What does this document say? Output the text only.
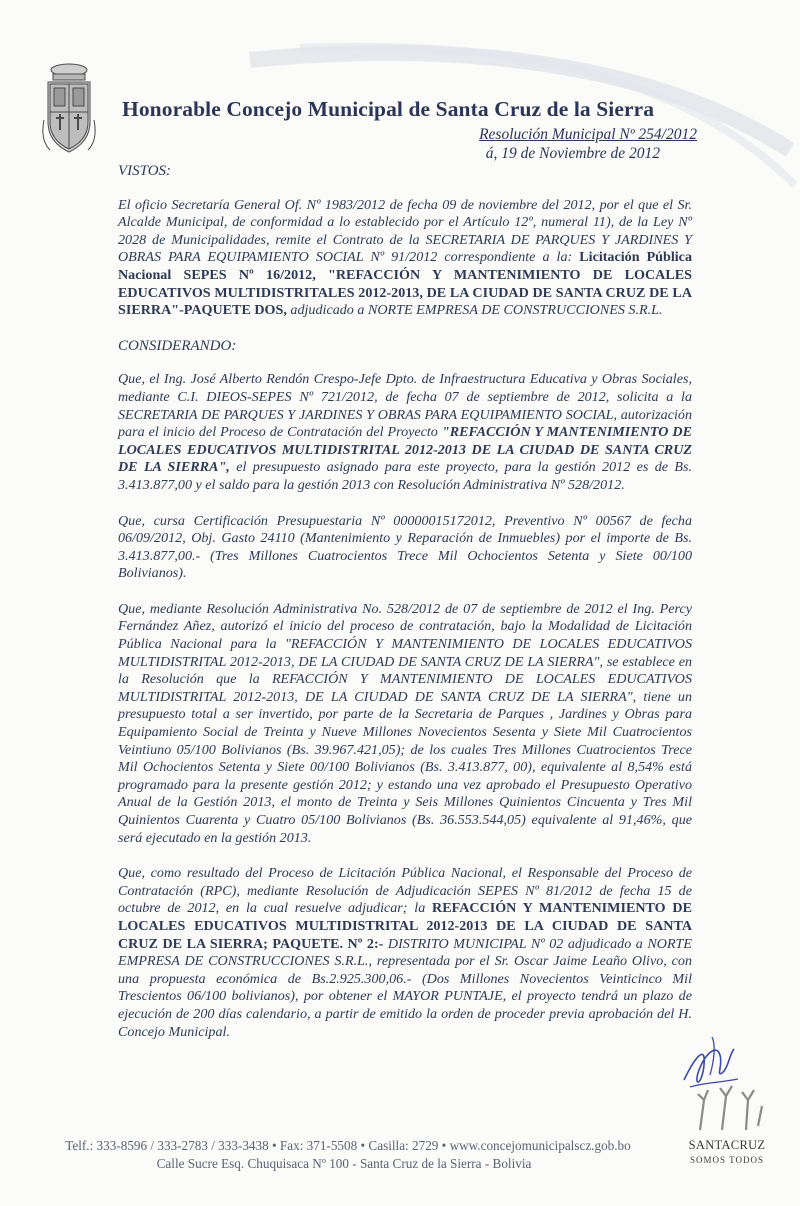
Honorable Concejo Municipal de Santa Cruz de la Sierra
Resolución Municipal Nº 254/2012
á, 19 de Noviembre de 2012
VISTOS:

El oficio Secretaría General Of. Nº 1983/2012 de fecha 09 de noviembre del 2012, por el que el Sr. Alcalde Municipal, de conformidad a lo establecido por el Artículo 12º, numeral 11), de la Ley Nº 2028 de Municipalidades, remite el Contrato de la SECRETARIA DE PARQUES Y JARDINES Y OBRAS PARA EQUIPAMIENTO SOCIAL Nº 91/2012 correspondiente a la: Licitación Pública Nacional SEPES Nº 16/2012, "REFACCIÓN Y MANTENIMIENTO DE LOCALES EDUCATIVOS MULTIDISTRITALES 2012-2013, DE LA CIUDAD DE SANTA CRUZ DE LA SIERRA"-PAQUETE DOS, adjudicado a NORTE EMPRESA DE CONSTRUCCIONES S.R.L.

CONSIDERANDO:

Que, el Ing. José Alberto Rendón Crespo-Jefe Dpto. de Infraestructura Educativa y Obras Sociales, mediante C.I. DIEOS-SEPES Nº 721/2012, de fecha 07 de septiembre de 2012, solicita a la SECRETARIA DE PARQUES Y JARDINES Y OBRAS PARA EQUIPAMIENTO SOCIAL, autorización para el inicio del Proceso de Contratación del Proyecto "REFACCIÓN Y MANTENIMIENTO DE LOCALES EDUCATIVOS MULTIDISTRITAL 2012-2013 DE LA CIUDAD DE SANTA CRUZ DE LA SIERRA", el presupuesto asignado para este proyecto, para la gestión 2012 es de Bs. 3.413.877,00 y el saldo para la gestión 2013 con Resolución Administrativa Nº 528/2012.

Que, cursa Certificación Presupuestaria Nº 00000015172012, Preventivo Nº 00567 de fecha 06/09/2012, Obj. Gasto 24110 (Mantenimiento y Reparación de Inmuebles) por el importe de Bs. 3.413.877,00.- (Tres Millones Cuatrocientos Trece Mil Ochocientos Setenta y Siete 00/100 Bolivianos).

Que, mediante Resolución Administrativa No. 528/2012 de 07 de septiembre de 2012 el Ing. Percy Fernández Añez, autorizó el inicio del proceso de contratación, bajo la Modalidad de Licitación Pública Nacional para la "REFACCIÓN Y MANTENIMIENTO DE LOCALES EDUCATIVOS MULTIDISTRITAL 2012-2013, DE LA CIUDAD DE SANTA CRUZ DE LA SIERRA", se establece en la Resolución que la REFACCIÓN Y MANTENIMIENTO DE LOCALES EDUCATIVOS MULTIDISTRITAL 2012-2013, DE LA CIUDAD DE SANTA CRUZ DE LA SIERRA", tiene un presupuesto total a ser invertido, por parte de la Secretaria de Parques , Jardines y Obras para Equipamiento Social de Treinta y Nueve Millones Novecientos Sesenta y Siete Mil Cuatrocientos Veintiuno 05/100 Bolivianos (Bs. 39.967.421,05); de los cuales Tres Millones Cuatrocientos Trece Mil Ochocientos Setenta y Siete 00/100 Bolivianos (Bs. 3.413.877, 00), equivalente al 8,54% está programado para la presente gestión 2012; y estando una vez aprobado el Presupuesto Operativo Anual de la Gestión 2013, el monto de Treinta y Seis Millones Quinientos Cincuenta y Tres Mil Quinientos Cuarenta y Cuatro 05/100 Bolivianos (Bs. 36.553.544,05) equivalente al 91,46%, que será ejecutado en la gestión 2013.

Que, como resultado del Proceso de Licitación Pública Nacional, el Responsable del Proceso de Contratación (RPC), mediante Resolución de Adjudicación SEPES Nº 81/2012 de fecha 15 de octubre de 2012, en la cual resuelve adjudicar; la REFACCIÓN Y MANTENIMIENTO DE LOCALES EDUCATIVOS MULTIDISTRITAL 2012-2013 DE LA CIUDAD DE SANTA CRUZ DE LA SIERRA; PAQUETE. Nº 2:- DISTRITO MUNICIPAL Nº 02 adjudicado a NORTE EMPRESA DE CONSTRUCCIONES S.R.L., representada por el Sr. Oscar Jaime Leaño Olivo, con una propuesta económica de Bs.2.925.300,06.- (Dos Millones Novecientos Veinticinco Mil Trescientos 06/100 bolivianos), por obtener el MAYOR PUNTAJE, el proyecto tendrá un plazo de ejecución de 200 días calendario, a partir de emitido la orden de proceder previa aprobación del H. Concejo Municipal.

SANTACRUZ
SOMOS TODOS
Telf.: 333-8596 / 333-2783 / 333-3438 • Fax: 371-5508 • Casilla: 2729 • www.concejomunicipalscz.gob.bo
Calle Sucre Esq. Chuquisaca Nº 100 - Santa Cruz de la Sierra - Bolivia
